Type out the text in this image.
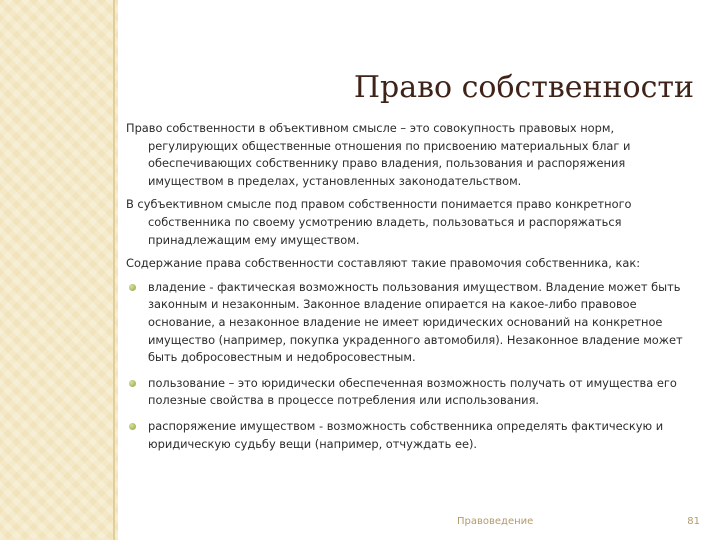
Право собственности

Право собственности в объективном смысле – это совокупность правовых норм, регулирующих общественные отношения по присвоению материальных благ и обеспечивающих собственнику право владения, пользования и распоряжения имуществом в пределах, установленных законодательством.

В субъективном смысле под правом собственности понимается право конкретного собственника по своему усмотрению владеть, пользоваться и распоряжаться принадлежащим ему имуществом.

Содержание права собственности составляют такие правомочия собственника, как:

владение - фактическая возможность пользования имуществом. Владение может быть законным и незаконным. Законное владение опирается на какое-либо правовое основание, а незаконное владение не имеет юридических оснований на конкретное имущество (например, покупка украденного автомобиля). Незаконное владение может быть добросовестным и недобросовестным.
пользование – это юридически обеспеченная возможность получать от имущества его полезные свойства в процессе потребления или использования.
распоряжение имуществом - возможность собственника определять фактическую и юридическую судьбу вещи (например, отчуждать ее).
Правоведение	81
